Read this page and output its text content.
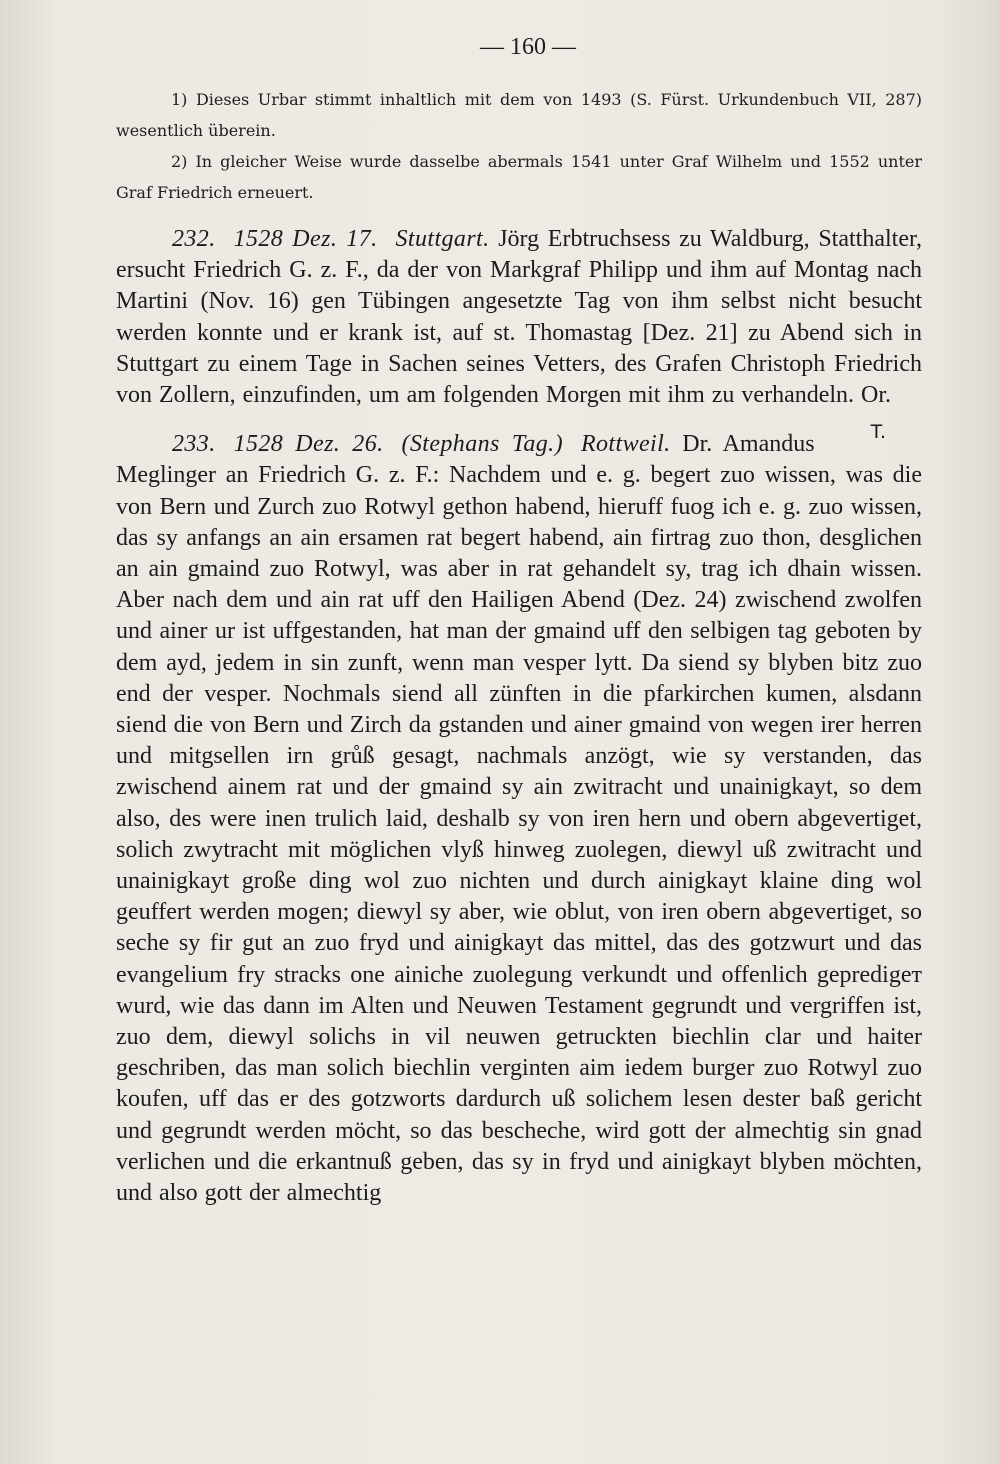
— 160 —

1) Dieses Urbar stimmt inhaltlich mit dem von 1493 (S. Fürst. Urkundenbuch VII, 287) wesentlich überein.

2) In gleicher Weise wurde dasselbe abermals 1541 unter Graf Wilhelm und 1552 unter Graf Friedrich erneuert.

232. 1528 Dez. 17. Stuttgart. Jörg Erbtruchsess zu Waldburg, Statthalter, ersucht Friedrich G. z. F., da der von Markgraf Philipp und ihm auf Montag nach Martini (Nov. 16) gen Tübingen angesetzte Tag von ihm selbst nicht besucht werden konnte und er krank ist, auf st. Thomastag [Dez. 21] zu Abend sich in Stuttgart zu einem Tage in Sachen seines Vetters, des Grafen Christoph Friedrich von Zollern, einzufinden, um am folgenden Morgen mit ihm zu verhandeln. Or.
T.

233. 1528 Dez. 26. (Stephans Tag.) Rottweil. Dr. Amandus Meglinger an Friedrich G. z. F.: Nachdem und e. g. begert zuo wissen, was die von Bern und Zurch zuo Rotwyl gethon habend, hieruff fuog ich e. g. zuo wissen, das sy anfangs an ain ersamen rat begert habend, ain firtrag zuo thon, desglichen an ain gmaind zuo Rotwyl, was aber in rat gehandelt sy, trag ich dhain wissen. Aber nach dem und ain rat uff den Hailigen Abend (Dez. 24) zwischend zwolfen und ainer ur ist uffgestanden, hat man der gmaind uff den selbigen tag geboten by dem ayd, jedem in sin zunft, wenn man vesper lytt. Da siend sy blyben bitz zuo end der vesper. Nochmals siend all zünften in die pfarkirchen kumen, alsdann siend die von Bern und Zirch da gstanden und ainer gmaind von wegen irer herren und mitgsellen irn grůß gesagt, nachmals anzögt, wie sy verstanden, das zwischend ainem rat und der gmaind sy ain zwitracht und unainigkayt, so dem also, des were inen trulich laid, deshalb sy von iren hern und obern abgevertiget, solich zwytracht mit möglichen vlyß hinweg zuolegen, diewyl uß zwitracht und unainigkayt große ding wol zuo nichten und durch ainigkayt klaine ding wol geuffert werden mogen; diewyl sy aber, wie oblut, von iren obern abgevertiget, so seche sy fir gut an zuo fryd und ainigkayt das mittel, das des gotzwurt und das evangelium fry stracks one ainiche zuolegung verkundt und offenlich gepredigет wurd, wie das dann im Alten und Neuwen Testament gegrundt und vergriffen ist, zuo dem, diewyl solichs in vil neuwen getruckten biechlin clar und haiter geschriben, das man solich biechlin verginten aim iedem burger zuo Rotwyl zuo koufen, uff das er des gotzworts dardurch uß solichem lesen dester baß gericht und gegrundt werden möcht, so das bescheche, wird gott der almechtig sin gnad verlichen und die erkantnuß geben, das sy in fryd und ainigkayt blyben möchten, und also gott der almechtig
